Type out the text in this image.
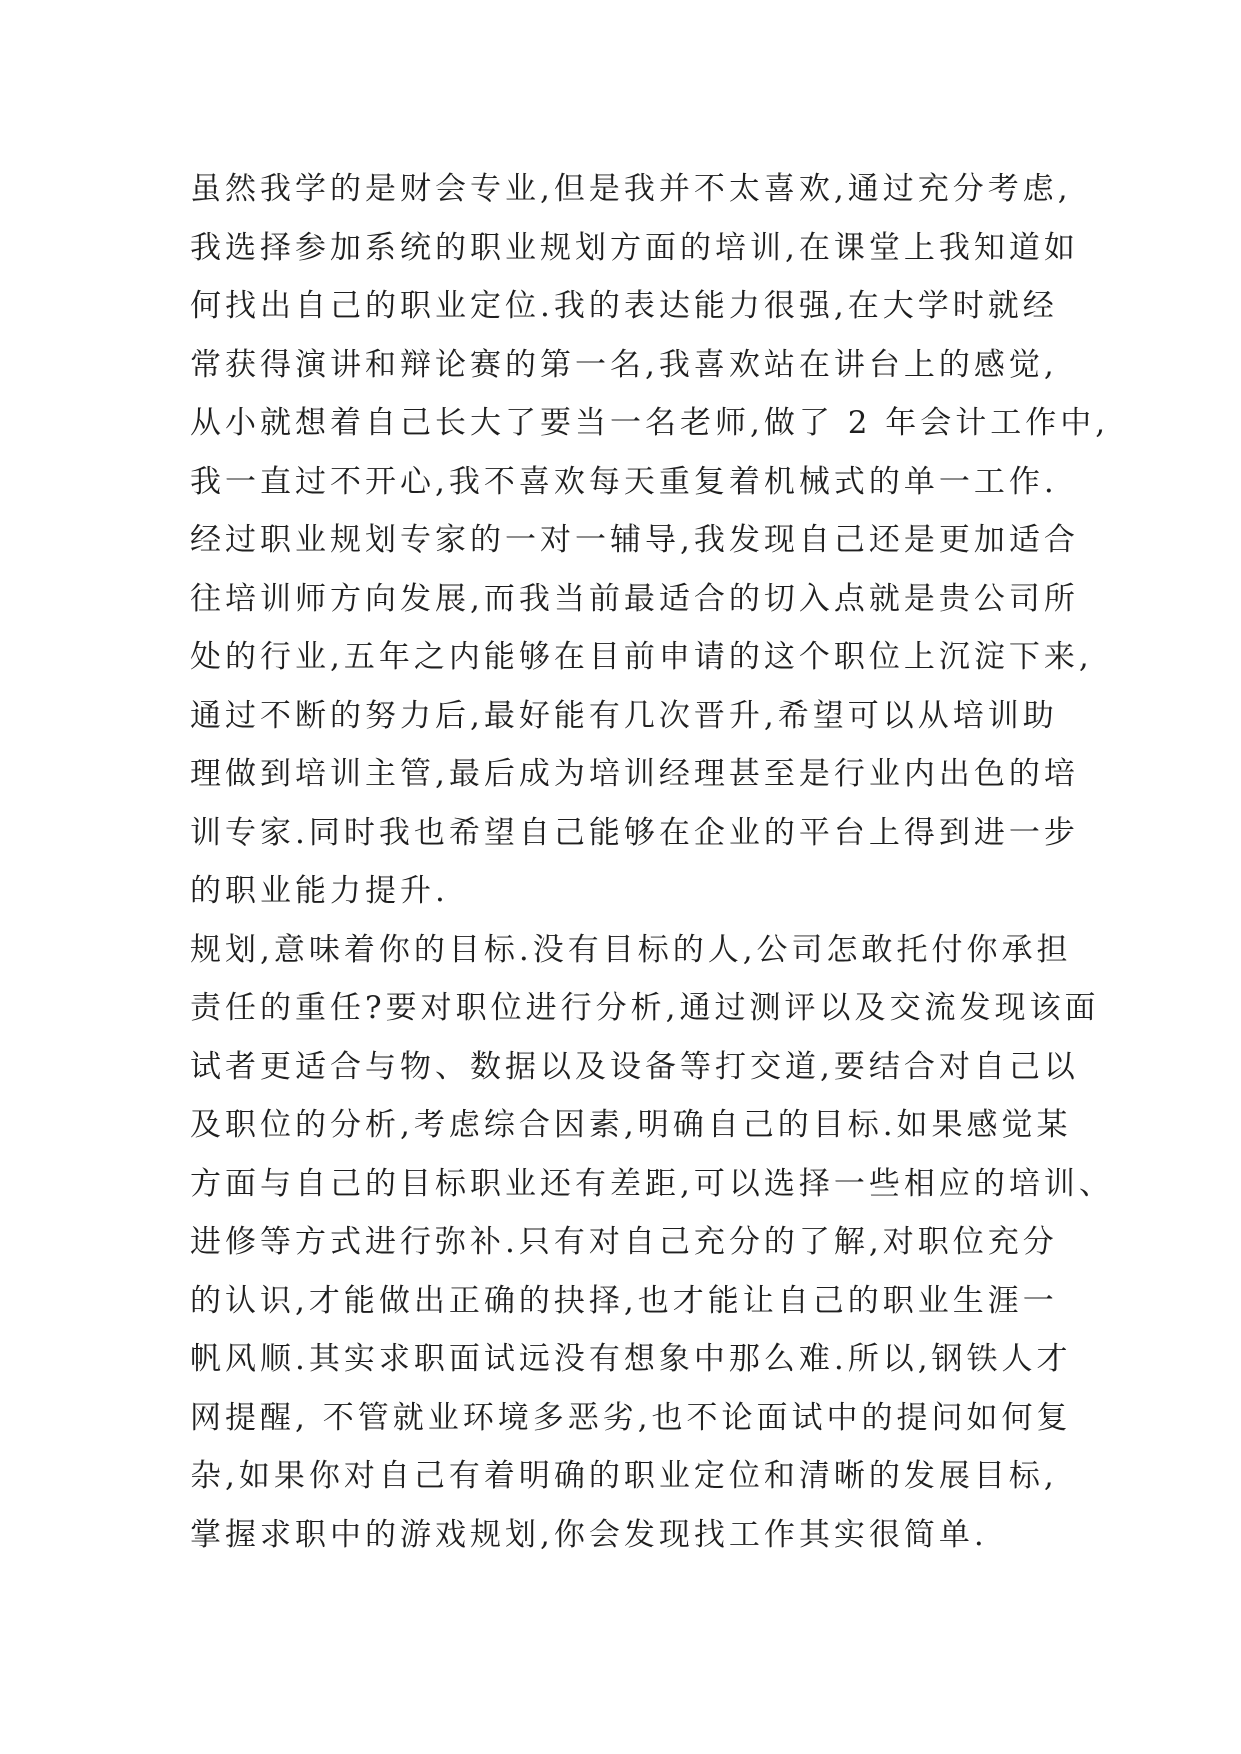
虽然我学的是财会专业,但是我并不太喜欢,通过充分考虑,
我选择参加系统的职业规划方面的培训,在课堂上我知道如
何找出自己的职业定位.我的表达能力很强,在大学时就经
常获得演讲和辩论赛的第一名,我喜欢站在讲台上的感觉,
从小就想着自己长大了要当一名老师,做了 2 年会计工作中,
我一直过不开心,我不喜欢每天重复着机械式的单一工作.
经过职业规划专家的一对一辅导,我发现自己还是更加适合
往培训师方向发展,而我当前最适合的切入点就是贵公司所
处的行业,五年之内能够在目前申请的这个职位上沉淀下来,
通过不断的努力后,最好能有几次晋升,希望可以从培训助
理做到培训主管,最后成为培训经理甚至是行业内出色的培
训专家.同时我也希望自己能够在企业的平台上得到进一步
的职业能力提升.
规划,意味着你的目标.没有目标的人,公司怎敢托付你承担
责任的重任?要对职位进行分析,通过测评以及交流发现该面
试者更适合与物、数据以及设备等打交道,要结合对自己以
及职位的分析,考虑综合因素,明确自己的目标.如果感觉某
方面与自己的目标职业还有差距,可以选择一些相应的培训、
进修等方式进行弥补.只有对自己充分的了解,对职位充分
的认识,才能做出正确的抉择,也才能让自己的职业生涯一
帆风顺.其实求职面试远没有想象中那么难.所以,钢铁人才
网提醒, 不管就业环境多恶劣,也不论面试中的提问如何复
杂,如果你对自己有着明确的职业定位和清晰的发展目标,
掌握求职中的游戏规划,你会发现找工作其实很简单.
